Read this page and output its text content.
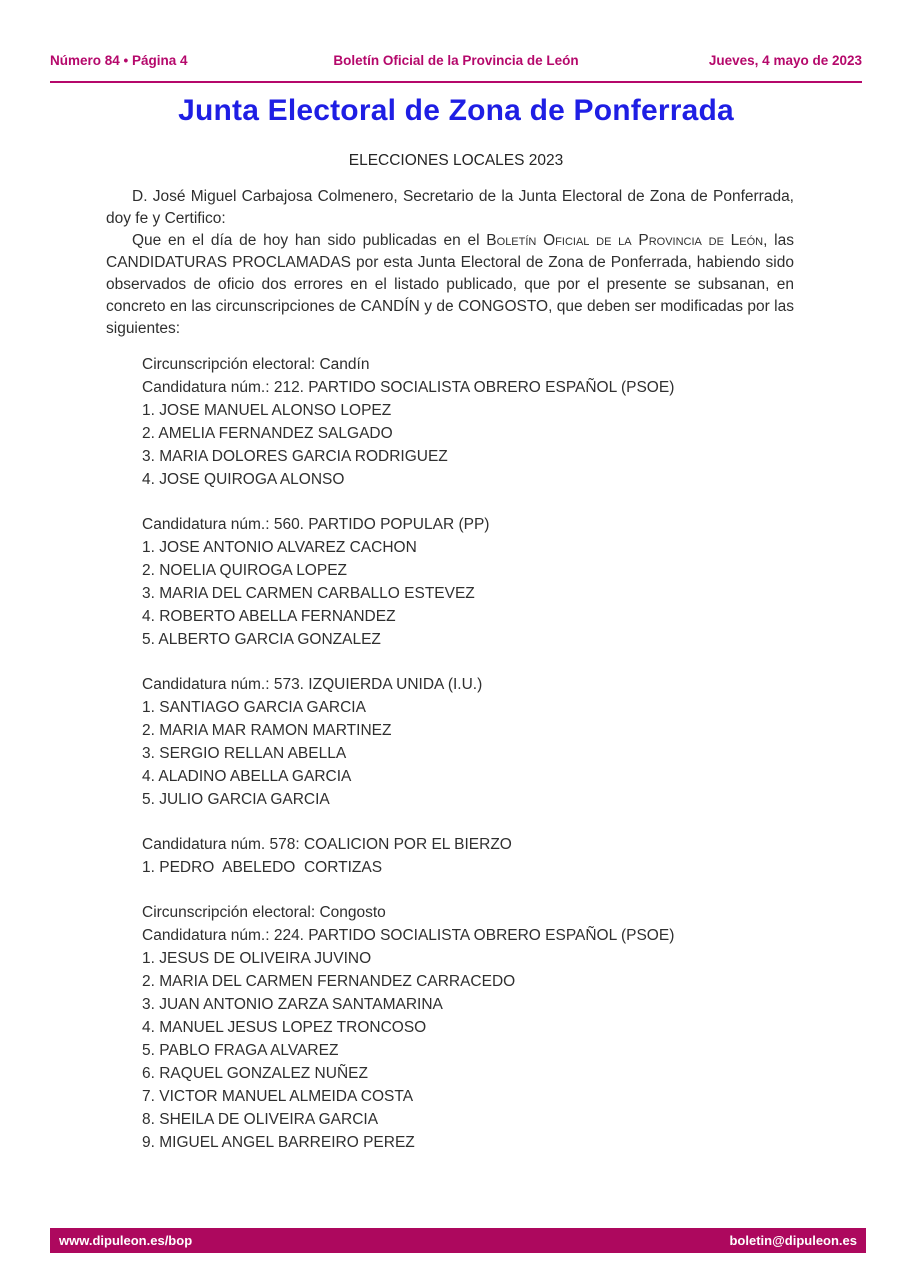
Número 84 • Página 4	Boletín Oficial de la Provincia de León	Jueves, 4 mayo de 2023
Junta Electoral de Zona de Ponferrada
ELECCIONES LOCALES 2023

D. José Miguel Carbajosa Colmenero, Secretario de la Junta Electoral de Zona de Ponferrada, doy fe y Certifico:

Que en el día de hoy han sido publicadas en el Boletín Oficial de la Provincia de León, las CANDIDATURAS PROCLAMADAS por esta Junta Electoral de Zona de Ponferrada, habiendo sido observados de oficio dos errores en el listado publicado, que por el presente se subsanan, en concreto en las circunscripciones de CANDÍN y de CONGOSTO, que deben ser modificadas por las siguientes:

Circunscripción electoral: Candín
Candidatura núm.: 212. PARTIDO SOCIALISTA OBRERO ESPAÑOL (PSOE)
1. JOSE MANUEL ALONSO LOPEZ
2. AMELIA FERNANDEZ SALGADO
3. MARIA DOLORES GARCIA RODRIGUEZ
4. JOSE QUIROGA ALONSO
Candidatura núm.: 560. PARTIDO POPULAR (PP)
1. JOSE ANTONIO ALVAREZ CACHON
2. NOELIA QUIROGA LOPEZ
3. MARIA DEL CARMEN CARBALLO ESTEVEZ
4. ROBERTO ABELLA FERNANDEZ
5. ALBERTO GARCIA GONZALEZ
Candidatura núm.: 573. IZQUIERDA UNIDA (I.U.)
1. SANTIAGO GARCIA GARCIA
2. MARIA MAR RAMON MARTINEZ
3. SERGIO RELLAN ABELLA
4. ALADINO ABELLA GARCIA
5. JULIO GARCIA GARCIA
Candidatura núm. 578: COALICION POR EL BIERZO
1. PEDRO  ABELEDO  CORTIZAS
Circunscripción electoral: Congosto
Candidatura núm.: 224. PARTIDO SOCIALISTA OBRERO ESPAÑOL (PSOE)
1. JESUS DE OLIVEIRA JUVINO
2. MARIA DEL CARMEN FERNANDEZ CARRACEDO
3. JUAN ANTONIO ZARZA SANTAMARINA
4. MANUEL JESUS LOPEZ TRONCOSO
5. PABLO FRAGA ALVAREZ
6. RAQUEL GONZALEZ NUÑEZ
7. VICTOR MANUEL ALMEIDA COSTA
8. SHEILA DE OLIVEIRA GARCIA
9. MIGUEL ANGEL BARREIRO PEREZ
www.dipuleon.es/bop	boletin@dipuleon.es
